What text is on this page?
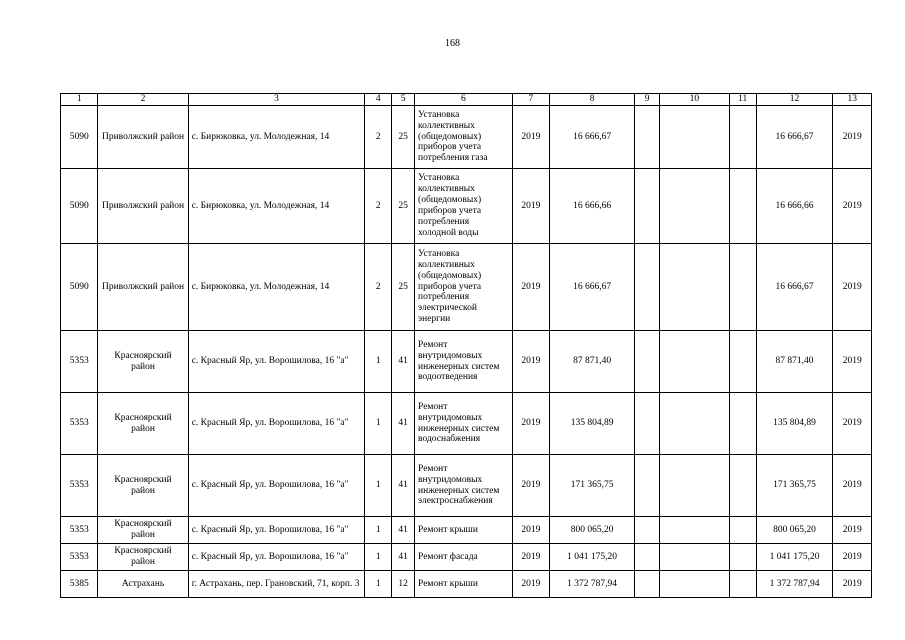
168
1	2	3	4	5	6	7	8	9	10	11	12	13
5090	Приволжский район	с. Бирюковка, ул. Молодежная, 14	2	25	Установка коллективных (общедомовых) приборов учета потребления газа	2019	16 666,67				16 666,67	2019
5090	Приволжский район	с. Бирюковка, ул. Молодежная, 14	2	25	Установка коллективных (общедомовых) приборов учета потребления холодной воды	2019	16 666,66				16 666,66	2019
5090	Приволжский район	с. Бирюковка, ул. Молодежная, 14	2	25	Установка коллективных (общедомовых) приборов учета потребления электрической энергии	2019	16 666,67				16 666,67	2019
5353	Красноярский район	с. Красный Яр, ул. Ворошилова, 16 "а"	1	41	Ремонт внутридомовых инженерных систем водоотведения	2019	87 871,40				87 871,40	2019
5353	Красноярский район	с. Красный Яр, ул. Ворошилова, 16 "а"	1	41	Ремонт внутридомовых инженерных систем водоснабжения	2019	135 804,89				135 804,89	2019
5353	Красноярский район	с. Красный Яр, ул. Ворошилова, 16 "а"	1	41	Ремонт внутридомовых инженерных систем электроснабжения	2019	171 365,75				171 365,75	2019
5353	Красноярский район	с. Красный Яр, ул. Ворошилова, 16 "а"	1	41	Ремонт крыши	2019	800 065,20				800 065,20	2019
5353	Красноярский район	с. Красный Яр, ул. Ворошилова, 16 "а"	1	41	Ремонт фасада	2019	1 041 175,20				1 041 175,20	2019
5385	Астрахань	г. Астрахань, пер. Грановский, 71, корп. 3	1	12	Ремонт крыши	2019	1 372 787,94				1 372 787,94	2019
